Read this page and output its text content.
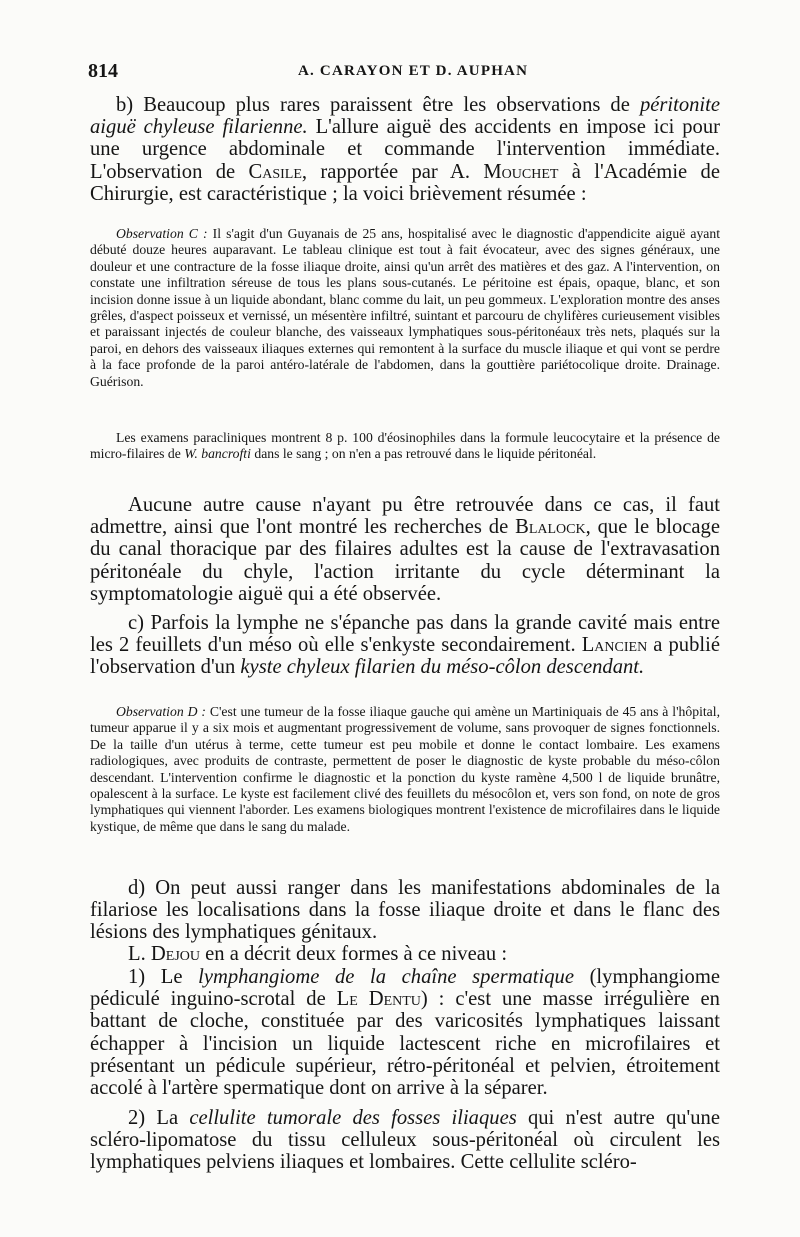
814	A. CARAYON ET D. AUPHAN

b) Beaucoup plus rares paraissent être les observations de péritonite aiguë chyleuse filarienne. L'allure aiguë des accidents en impose ici pour une urgence abdominale et commande l'intervention immédiate. L'observation de Casile, rapportée par A. Mouchet à l'Académie de Chirurgie, est caractéristique ; la voici brièvement résumée :

Observation C : Il s'agit d'un Guyanais de 25 ans, hospitalisé avec le diagnostic d'appendicite aiguë ayant débuté douze heures auparavant. Le tableau clinique est tout à fait évocateur, avec des signes généraux, une douleur et une contracture de la fosse iliaque droite, ainsi qu'un arrêt des matières et des gaz. A l'intervention, on constate une infiltration séreuse de tous les plans sous-cutanés. Le péritoine est épais, opaque, blanc, et son incision donne issue à un liquide abondant, blanc comme du lait, un peu gommeux. L'exploration montre des anses grêles, d'aspect poisseux et vernissé, un mésentère infiltré, suintant et parcouru de chylifères curieusement visibles et paraissant injectés de couleur blanche, des vaisseaux lymphatiques sous-péritonéaux très nets, plaqués sur la paroi, en dehors des vaisseaux iliaques externes qui remontent à la surface du muscle iliaque et qui vont se perdre à la face profonde de la paroi antéro-latérale de l'abdomen, dans la gouttière pariétocolique droite. Drainage. Guérison.

Les examens paracliniques montrent 8 p. 100 d'éosinophiles dans la formule leucocytaire et la présence de micro-filaires de W. bancrofti dans le sang ; on n'en a pas retrouvé dans le liquide péritonéal.

Aucune autre cause n'ayant pu être retrouvée dans ce cas, il faut admettre, ainsi que l'ont montré les recherches de Blalock, que le blocage du canal thoracique par des filaires adultes est la cause de l'extravasation péritonéale du chyle, l'action irritante du cycle déterminant la symptomatologie aiguë qui a été observée.

c) Parfois la lymphe ne s'épanche pas dans la grande cavité mais entre les 2 feuillets d'un méso où elle s'enkyste secondairement. Lancien a publié l'observation d'un kyste chyleux filarien du méso-côlon descendant.

Observation D : C'est une tumeur de la fosse iliaque gauche qui amène un Martiniquais de 45 ans à l'hôpital, tumeur apparue il y a six mois et augmentant progressivement de volume, sans provoquer de signes fonctionnels. De la taille d'un utérus à terme, cette tumeur est peu mobile et donne le contact lombaire. Les examens radiologiques, avec produits de contraste, permettent de poser le diagnostic de kyste probable du méso-côlon descendant. L'intervention confirme le diagnostic et la ponction du kyste ramène 4,500 l de liquide brunâtre, opalescent à la surface. Le kyste est facilement clivé des feuillets du mésocôlon et, vers son fond, on note de gros lymphatiques qui viennent l'aborder. Les examens biologiques montrent l'existence de microfilaires dans le liquide kystique, de même que dans le sang du malade.

d) On peut aussi ranger dans les manifestations abdominales de la filariose les localisations dans la fosse iliaque droite et dans le flanc des lésions des lymphatiques génitaux.

L. Dejou en a décrit deux formes à ce niveau :

1) Le lymphangiome de la chaîne spermatique (lymphangiome pédiculé inguino-scrotal de Le Dentu) : c'est une masse irrégulière en battant de cloche, constituée par des varicosités lymphatiques laissant échapper à l'incision un liquide lactescent riche en microfilaires et présentant un pédicule supérieur, rétro-péritonéal et pelvien, étroitement accolé à l'artère spermatique dont on arrive à la séparer.

2) La cellulite tumorale des fosses iliaques qui n'est autre qu'une scléro-lipomatose du tissu celluleux sous-péritonéal où circulent les lymphatiques pelviens iliaques et lombaires. Cette cellulite scléro-
